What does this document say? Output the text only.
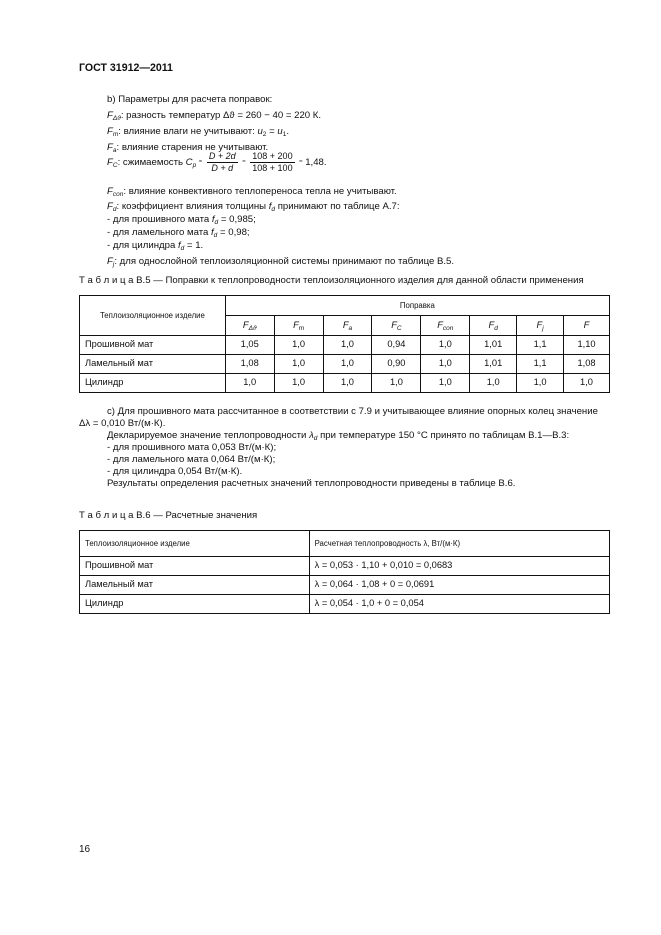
ГОСТ 31912—2011
b) Параметры для расчета поправок:
$F_{\Delta ϑ}$: разность температур Δϑ = 260 − 40 = 220 К.
$F_m$: влияние влаги не учитывают: $u_2 = u_1$.
$F_a$: влияние старения не учитывают.
$F_C$: сжимаемость $C_p \approx \frac{D + 2d}{D + d} \approx \frac{108 + 200}{108 + 100} \approx 1,48$.
$F_{con}$: влияние конвективного теплопереноса тепла не учитывают.
$F_d$: коэффициент влияния толщины $f_d$ принимают по таблице А.7:
- для прошивного мата $f_d = 0,985$;
- для ламельного мата $f_d = 0,98$;
- для цилиндра $f_d = 1$.
$F_j$: для однослойной теплоизоляционной системы принимают по таблице В.5.
Т а б л и ц а В.5 — Поправки к теплопроводности теплоизоляционного изделия для данной области применения
Теплоизоляционное изделие	Поправка							
	$F_{\Delta ϑ}$	$F_m$	$F_a$	$F_C$	$F_{con}$	$F_d$	$F_j$	F
Прошивной мат	1,05	1,0	1,0	0,94	1,0	1,01	1,1	1,10
Ламельный мат	1,08	1,0	1,0	0,90	1,0	1,01	1,1	1,08
Цилиндр	1,0	1,0	1,0	1,0	1,0	1,0	1,0	1,0
c) Для прошивного мата рассчитанное в соответствии с 7.9 и учитывающее влияние опорных колец значение
Δλ = 0,010 Вт/(м·К).
Декларируемое значение теплопроводности $\lambda_d$ при температуре 150 °С принято по таблицам В.1—В.3:
- для прошивного мата 0,053 Вт/(м·К);
- для ламельного мата 0,064 Вт/(м·К);
- для цилиндра 0,054 Вт/(м·К).
Результаты определения расчетных значений теплопроводности приведены в таблице В.6.
Т а б л и ц а В.6 — Расчетные значения
Теплоизоляционное изделие	Расчетная теплопроводность λ, Вт/(м·К)
Прошивной мат	λ = 0,053 · 1,10 + 0,010 = 0,0683
Ламельный мат	λ = 0,064 · 1,08 + 0 = 0,0691
Цилиндр	λ = 0,054 · 1,0 + 0 = 0,054
16
